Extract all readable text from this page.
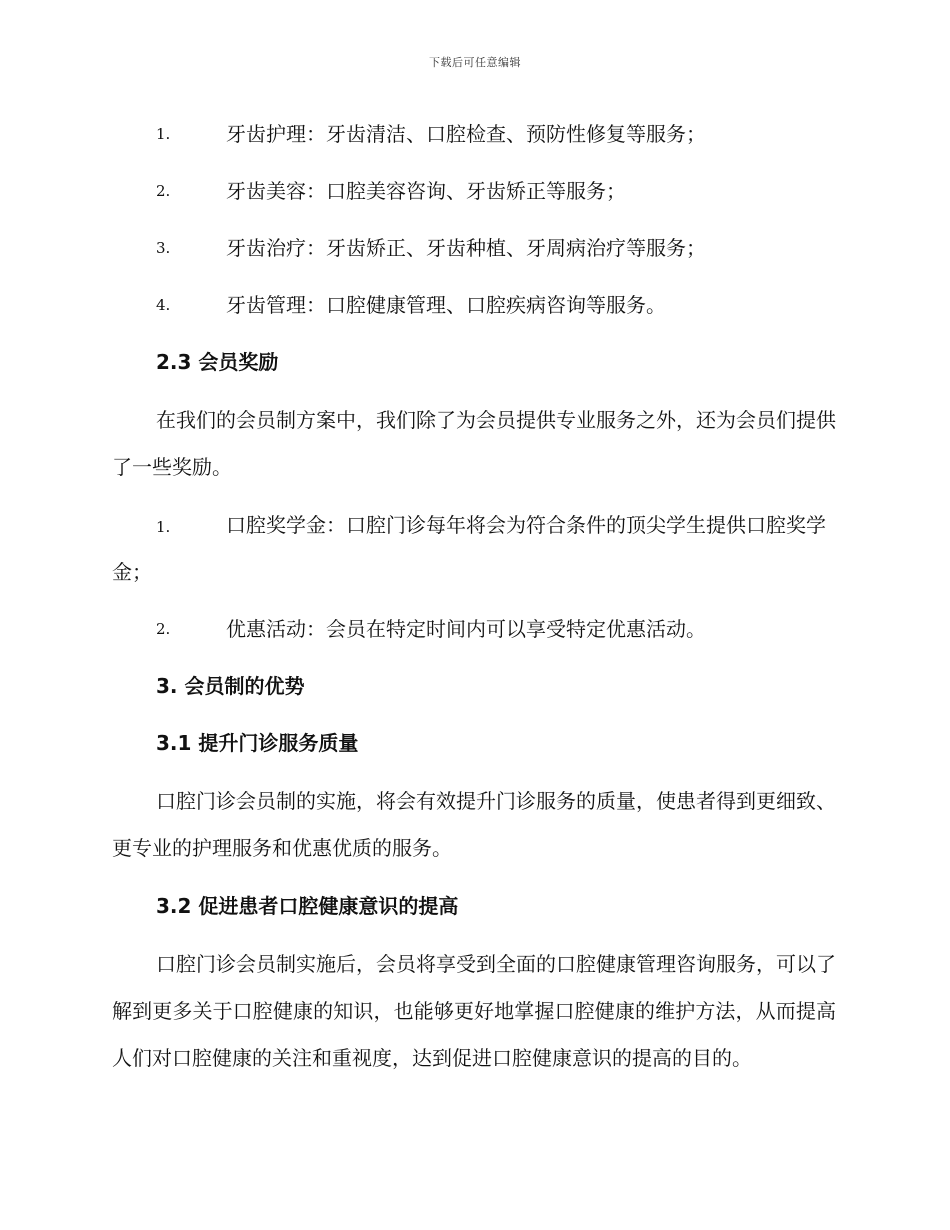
下载后可任意编辑
1.	牙齿护理：牙齿清洁、口腔检查、预防性修复等服务；
2.	牙齿美容：口腔美容咨询、牙齿矫正等服务；
3.	牙齿治疗：牙齿矫正、牙齿种植、牙周病治疗等服务；
4.	牙齿管理：口腔健康管理、口腔疾病咨询等服务。
2.3 会员奖励
在我们的会员制方案中，我们除了为会员提供专业服务之外，还为会员们提供了一些奖励。
1.	口腔奖学金：口腔门诊每年将会为符合条件的顶尖学生提供口腔奖学金；
2.	优惠活动：会员在特定时间内可以享受特定优惠活动。
3. 会员制的优势
3.1 提升门诊服务质量
口腔门诊会员制的实施，将会有效提升门诊服务的质量，使患者得到更细致、更专业的护理服务和优惠优质的服务。
3.2 促进患者口腔健康意识的提高
口腔门诊会员制实施后，会员将享受到全面的口腔健康管理咨询服务，可以了解到更多关于口腔健康的知识，也能够更好地掌握口腔健康的维护方法，从而提高人们对口腔健康的关注和重视度，达到促进口腔健康意识的提高的目的。
